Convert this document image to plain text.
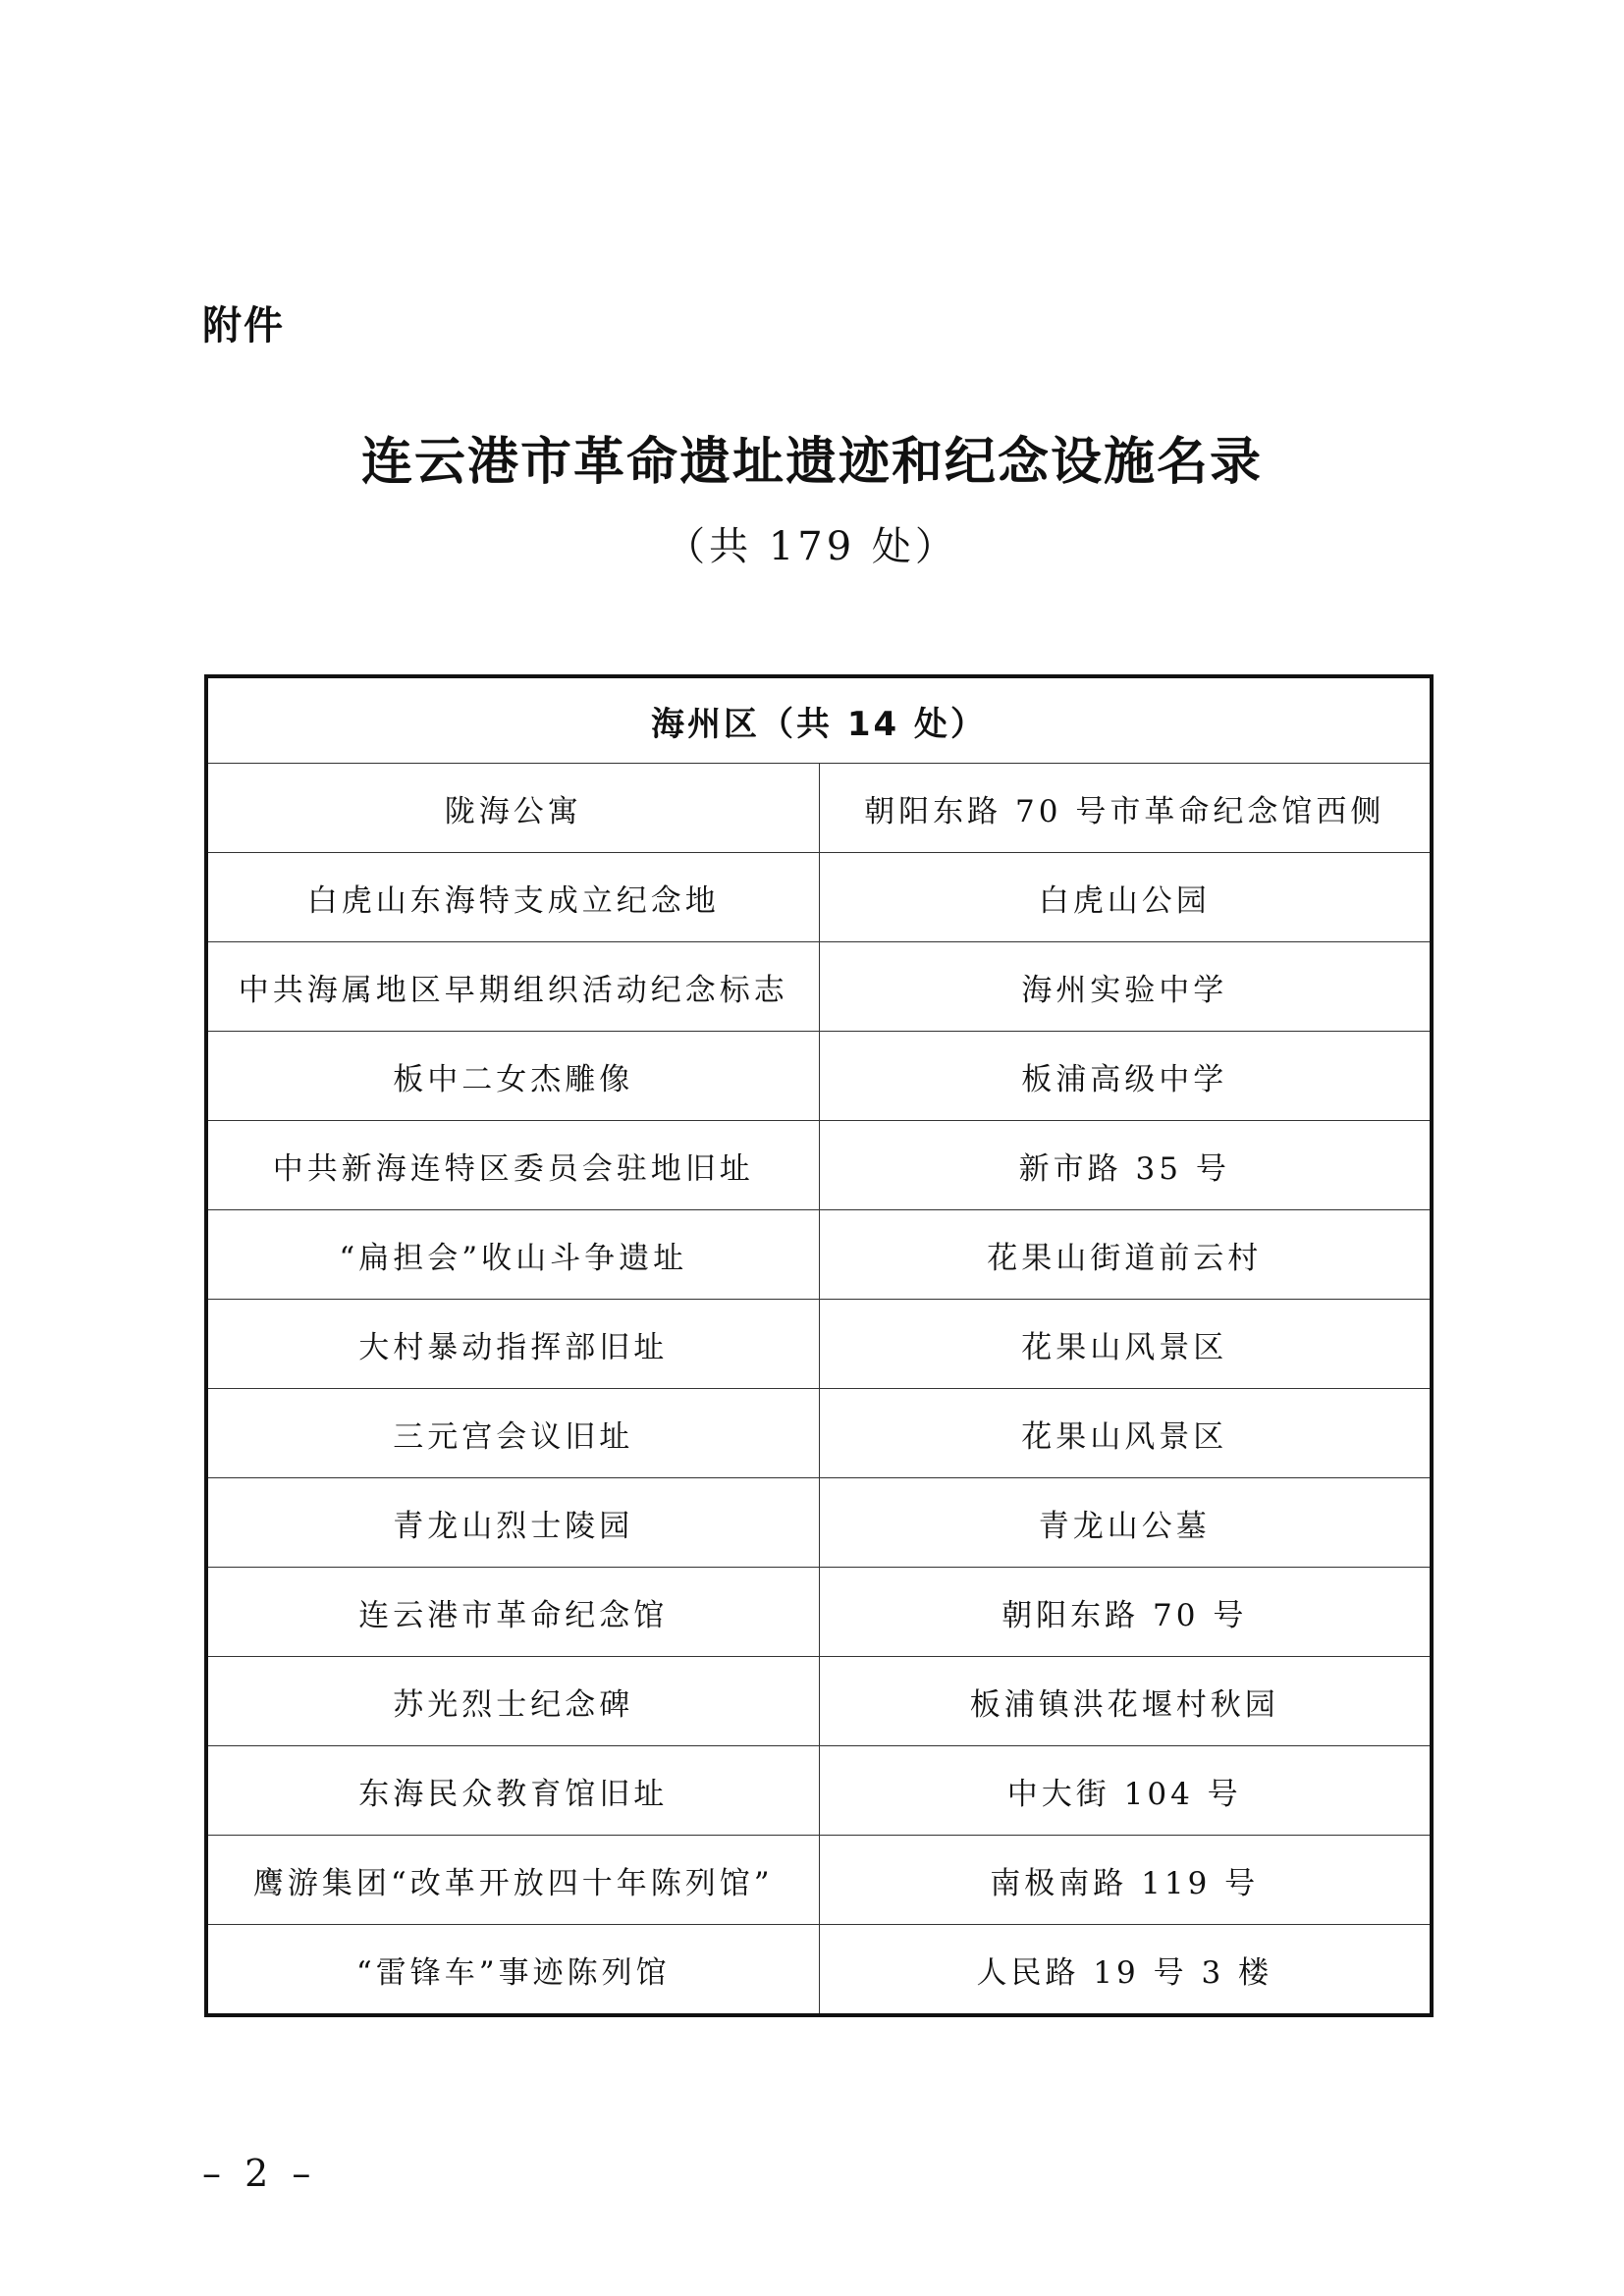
附件
连云港市革命遗址遗迹和纪念设施名录
（共 179 处）
海州区（共 14 处）	
陇海公寓	朝阳东路 70 号市革命纪念馆西侧
白虎山东海特支成立纪念地	白虎山公园
中共海属地区早期组织活动纪念标志	海州实验中学
板中二女杰雕像	板浦高级中学
中共新海连特区委员会驻地旧址	新市路 35 号
“扁担会”收山斗争遗址	花果山街道前云村
大村暴动指挥部旧址	花果山风景区
三元宫会议旧址	花果山风景区
青龙山烈士陵园	青龙山公墓
连云港市革命纪念馆	朝阳东路 70 号
苏光烈士纪念碑	板浦镇洪花堰村秋园
东海民众教育馆旧址	中大街 104 号
鹰游集团“改革开放四十年陈列馆”	南极南路 119 号
“雷锋车”事迹陈列馆	人民路 19 号 3 楼
– 2 –
